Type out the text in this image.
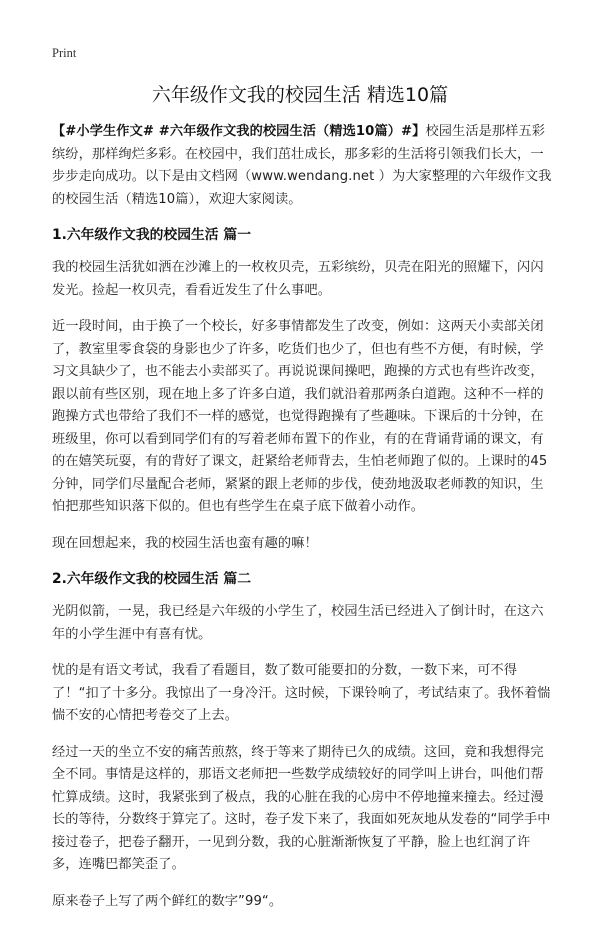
Print
六年级作文我的校园生活 精选10篇

【#小学生作文# #六年级作文我的校园生活（精选10篇）#】校园生活是那样五彩缤纷，那样绚烂多彩。在校园中，我们茁壮成长，那多彩的生活将引领我们长大，一步步走向成功。以下是由文档网（www.wendang.net ）为大家整理的六年级作文我的校园生活（精选10篇），欢迎大家阅读。

1.六年级作文我的校园生活 篇一

我的校园生活犹如洒在沙滩上的一枚枚贝壳，五彩缤纷，贝壳在阳光的照耀下，闪闪发光。捡起一枚贝壳，看看近发生了什么事吧。

近一段时间，由于换了一个校长，好多事情都发生了改变，例如：这两天小卖部关闭了，教室里零食袋的身影也少了许多，吃货们也少了，但也有些不方便，有时候，学习文具缺少了，也不能去小卖部买了。再说说课间操吧，跑操的方式也有些许改变，跟以前有些区别，现在地上多了许多白道，我们就沿着那两条白道跑。这种不一样的跑操方式也带给了我们不一样的感觉，也觉得跑操有了些趣味。下课后的十分钟，在班级里，你可以看到同学们有的写着老师布置下的作业，有的在背诵背诵的课文，有的在嬉笑玩耍，有的背好了课文，赶紧给老师背去，生怕老师跑了似的。上课时的45分钟，同学们尽量配合老师，紧紧的跟上老师的步伐，使劲地汲取老师教的知识，生怕把那些知识落下似的。但也有些学生在桌子底下做着小动作。

现在回想起来，我的校园生活也蛮有趣的嘛！

2.六年级作文我的校园生活 篇二

光阴似箭，一晃，我已经是六年级的小学生了，校园生活已经进入了倒计时，在这六年的小学生涯中有喜有忧。

忧的是有语文考试，我看了看题目，数了数可能要扣的分数，一数下来，可不得了！“扣了十多分。我惊出了一身冷汗。这时候，下课铃响了，考试结束了。我怀着惴惴不安的心情把考卷交了上去。

经过一天的坐立不安的痛苦煎熬，终于等来了期待已久的成绩。这回，竟和我想得完全不同。事情是这样的，那语文老师把一些数学成绩较好的同学叫上讲台，叫他们帮忙算成绩。这时，我紧张到了极点，我的心脏在我的心房中不停地撞来撞去。经过漫长的等待，分数终于算完了。这时，卷子发下来了，我面如死灰地从发卷的“同学手中接过卷子，把卷子翻开，一见到分数，我的心脏渐渐恢复了平静，脸上也红润了许多，连嘴巴都笑歪了。

原来卷子上写了两个鲜红的数字”99“。
